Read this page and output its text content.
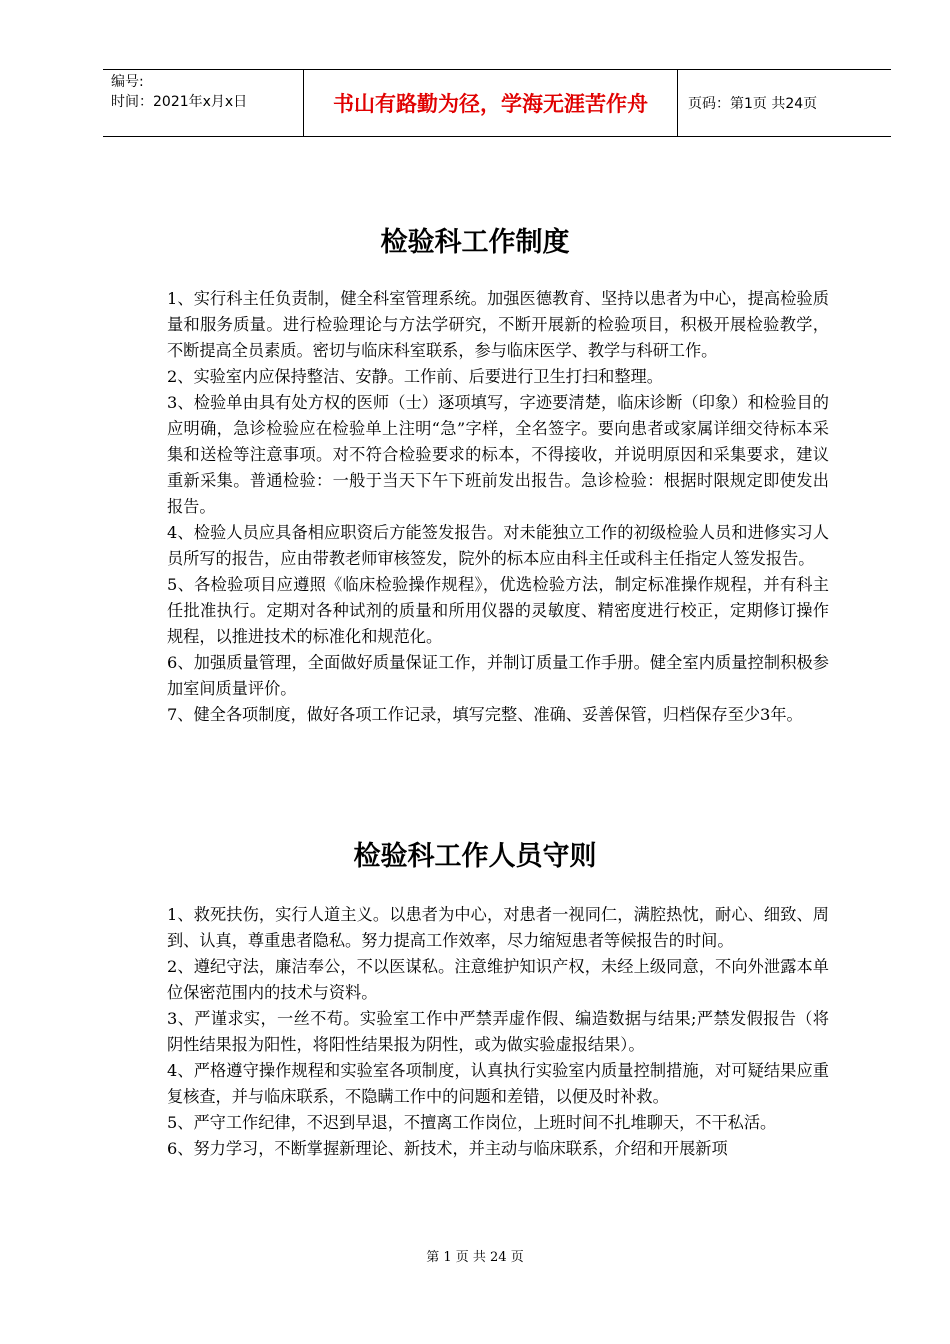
编号:
时间：2021年x月x日	书山有路勤为径，学海无涯苦作舟	页码：第1页 共24页
检验科工作制度

1、实行科主任负责制，健全科室管理系统。加强医德教育、坚持以患者为中心，提高检验质量和服务质量。进行检验理论与方法学研究，不断开展新的检验项目，积极开展检验教学，不断提高全员素质。密切与临床科室联系，参与临床医学、教学与科研工作。

2、实验室内应保持整洁、安静。工作前、后要进行卫生打扫和整理。

3、检验单由具有处方权的医师（士）逐项填写，字迹要清楚，临床诊断（印象）和检验目的应明确，急诊检验应在检验单上注明“急”字样，全名签字。要向患者或家属详细交待标本采集和送检等注意事项。对不符合检验要求的标本，不得接收，并说明原因和采集要求，建议重新采集。普通检验：一般于当天下午下班前发出报告。急诊检验：根据时限规定即使发出报告。

4、检验人员应具备相应职资后方能签发报告。对未能独立工作的初级检验人员和进修实习人员所写的报告，应由带教老师审核签发，院外的标本应由科主任或科主任指定人签发报告。

5、各检验项目应遵照《临床检验操作规程》，优选检验方法，制定标准操作规程，并有科主任批准执行。定期对各种试剂的质量和所用仪器的灵敏度、精密度进行校正，定期修订操作规程，以推进技术的标准化和规范化。

6、加强质量管理，全面做好质量保证工作，并制订质量工作手册。健全室内质量控制积极参加室间质量评价。

7、健全各项制度，做好各项工作记录，填写完整、准确、妥善保管，归档保存至少3年。

检验科工作人员守则

1、救死扶伤，实行人道主义。以患者为中心，对患者一视同仁，满腔热忱，耐心、细致、周到、认真，尊重患者隐私。努力提高工作效率，尽力缩短患者等候报告的时间。

2、遵纪守法，廉洁奉公，不以医谋私。注意维护知识产权，未经上级同意，不向外泄露本单位保密范围内的技术与资料。

3、严谨求实，一丝不苟。实验室工作中严禁弄虚作假、编造数据与结果;严禁发假报告（将阴性结果报为阳性，将阳性结果报为阴性，或为做实验虚报结果）。

4、严格遵守操作规程和实验室各项制度，认真执行实验室内质量控制措施，对可疑结果应重复核查，并与临床联系，不隐瞒工作中的问题和差错，以便及时补救。

5、严守工作纪律，不迟到早退，不擅离工作岗位，上班时间不扎堆聊天，不干私活。

6、努力学习，不断掌握新理论、新技术，并主动与临床联系，介绍和开展新项

第 1 页 共 24 页
